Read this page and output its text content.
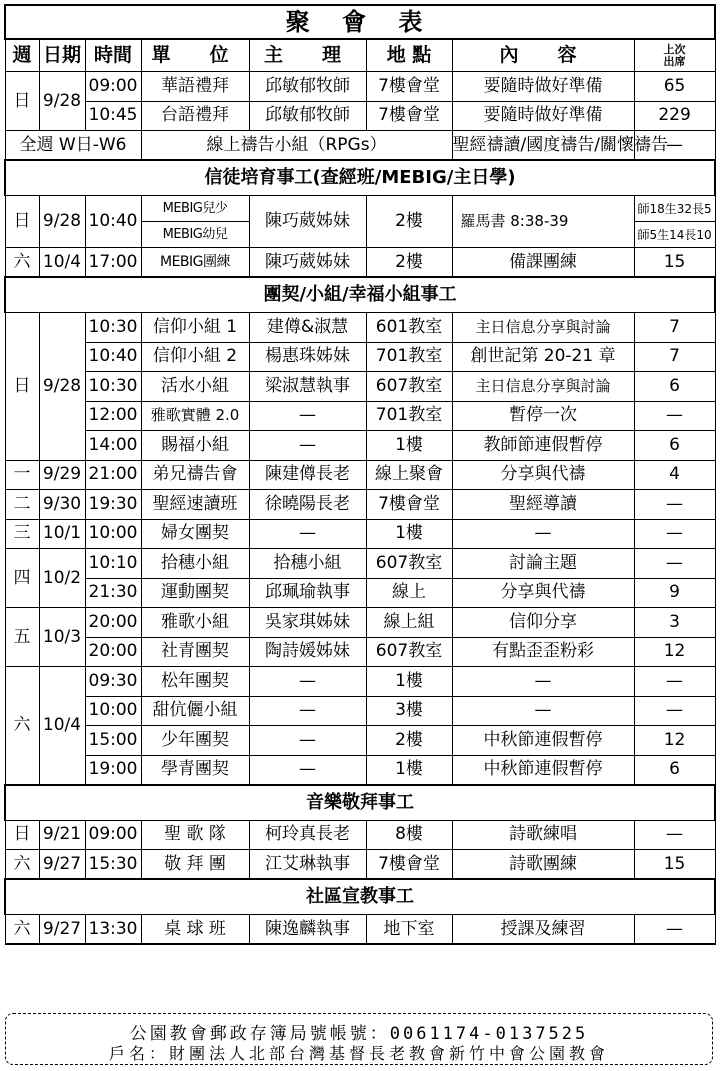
聚 會 表							
週	日期	時間	單　位	主　理	地 點	內　容	上次出席

日	9/28	09:00	華語禮拜	邱敏郁牧師	7樓會堂	要隨時做好準備	65
		10:45	台語禮拜	邱敏郁牧師	7樓會堂	要隨時做好準備	229
全週 W日-W6			線上禱告小組（RPGs）			聖經禱讀/國度禱告/關懷禱告	—
信徒培育事工(查經班/MEBIG/主日學)							
日	9/28	10:40	MEBIG兒少	陳巧葳姊妹	2樓	羅馬書 8:38-39	師18生32長5
			MEBIG幼兒				師5生14長10
六	10/4	17:00	MEBIG團練	陳巧葳姊妹	2樓	備課團練	15
團契/小組/幸福小組事工							
日	9/28	10:30	信仰小組 1	建僔&淑慧	601教室	主日信息分享與討論	7
		10:40	信仰小組 2	楊惠珠姊妹	701教室	創世記第 20-21 章	7
		10:30	活水小組	梁淑慧執事	607教室	主日信息分享與討論	6
		12:00	雅歌實體 2.0	—	701教室	暫停一次	—
		14:00	賜福小組	—	1樓	教師節連假暫停	6
一	9/29	21:00	弟兄禱告會	陳建僔長老	線上聚會	分享與代禱	4
二	9/30	19:30	聖經速讀班	徐曉陽長老	7樓會堂	聖經導讀	—
三	10/1	10:00	婦女團契	—	1樓	—	—
四	10/2	10:10	拾穗小組	拾穗小組	607教室	討論主題	—
		21:30	運動團契	邱珮瑜執事	線上	分享與代禱	9
五	10/3	20:00	雅歌小組	吳家琪姊妹	線上組	信仰分享	3
		20:00	社青團契	陶詩媛姊妹	607教室	有點歪歪粉彩	12
六	10/4	09:30	松年團契	—	1樓	—	—
		10:00	甜伉儷小組	—	3樓	—	—
		15:00	少年團契	—	2樓	中秋節連假暫停	12
		19:00	學青團契	—	1樓	中秋節連假暫停	6
音樂敬拜事工							
日	9/21	09:00	聖 歌 隊	柯玲真長老	8樓	詩歌練唱	—
六	9/27	15:30	敬 拜 團	江艾琳執事	7樓會堂	詩歌團練	15
社區宣教事工							
六	9/27	13:30	桌 球 班	陳逸麟執事	地下室	授課及練習	—
公園教會郵政存簿局號帳號：0061174-0137525
戶名：財團法人北部台灣基督長老教會新竹中會公園教會
